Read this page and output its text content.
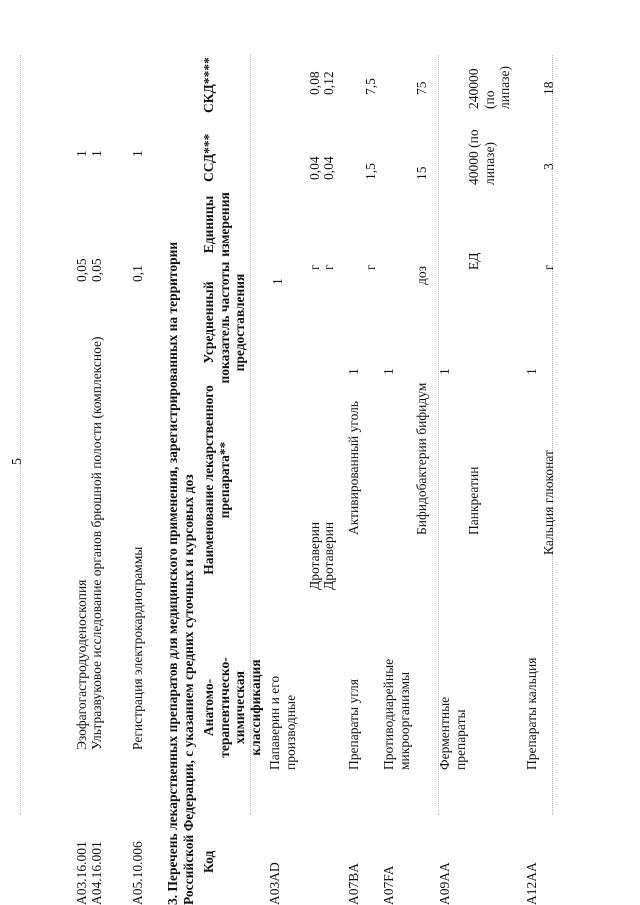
5
A03.16.001 A04.16.001 A05.10.006
Эзофагогастродуоденоскопия Ультразвуковое исследование органов брюшной полости (комплексное) Регистрация электрокардиограммы
0,05 0,05 0,1
1 1 1
3. Перечень лекарственных препаратов для медицинского применения, зарегистрированных на территории Российской Федерации, с указанием средних суточных и курсовых доз Код
Анатомо-терапевтическо-химическая классификация
Наименование лекарственного препарата**
Усредненный показатель частоты предоставления
Единицы измерения
ССД***
СКД****
A03AD
Папаверин и его производные
1
Дротаверин
г
0,04
0,08
Дротаверин
г
0,04
0,12
A07BA
Препараты угля
Активированный уголь
1
г
1,5
7,5
A07FA
Противодиарейные микроорганизмы
1
Бифидобактерии бифидум
доз
15
75
A09AA
Ферментные препараты
1
Панкреатин
ЕД
40000 (по липазе)
240000 (по липазе)
A12AA
Препараты кальция
1
Кальция глюконат
г
3
18
